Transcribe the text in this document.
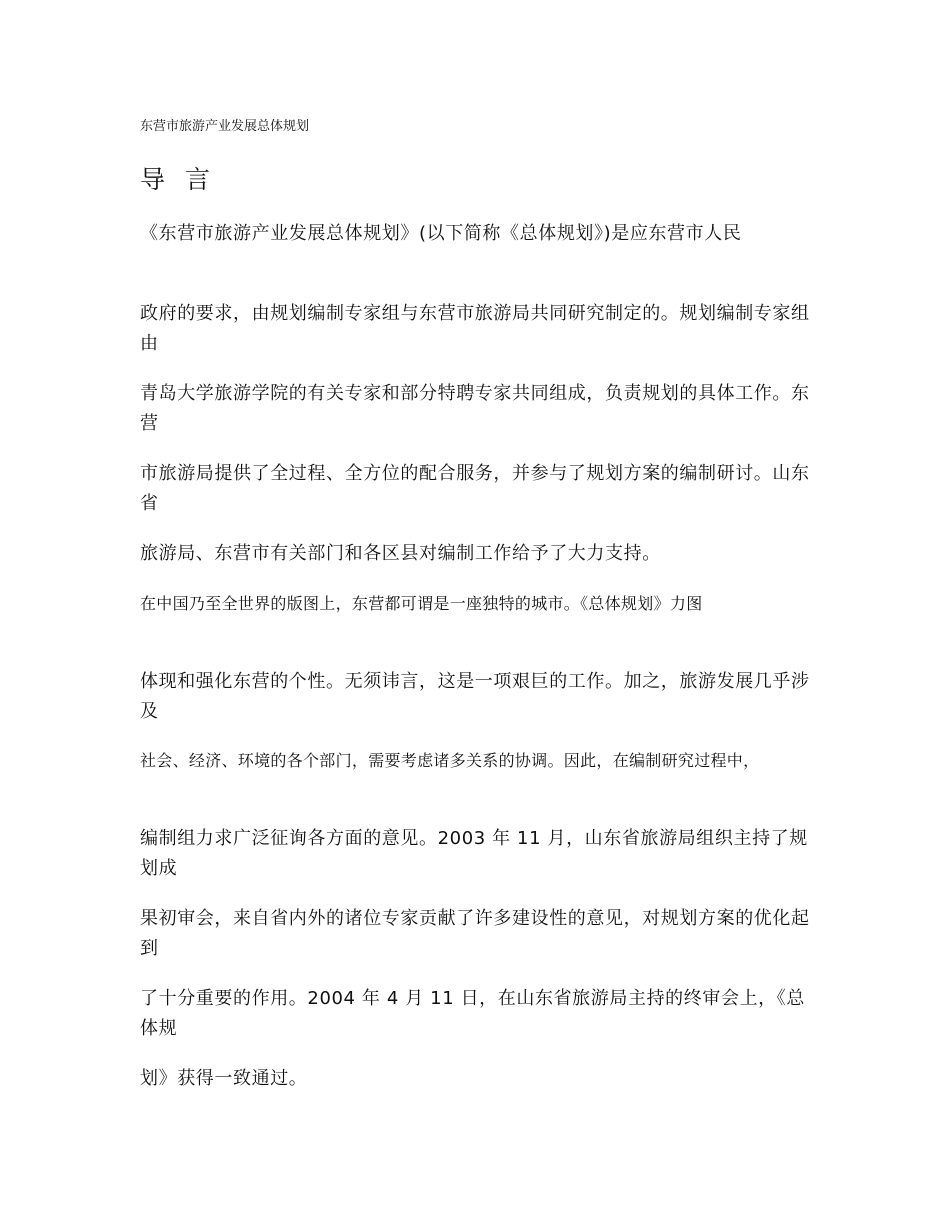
东营市旅游产业发展总体规划
导 言

《东营市旅游产业发展总体规划》(以下简称《总体规划》)是应东营市人民

政府的要求，由规划编制专家组与东营市旅游局共同研究制定的。规划编制专家组由

青岛大学旅游学院的有关专家和部分特聘专家共同组成，负责规划的具体工作。东营

市旅游局提供了全过程、全方位的配合服务，并参与了规划方案的编制研讨。山东省

旅游局、东营市有关部门和各区县对编制工作给予了大力支持。

在中国乃至全世界的版图上，东营都可谓是一座独特的城市。《总体规划》力图

体现和强化东营的个性。无须讳言，这是一项艰巨的工作。加之，旅游发展几乎涉及

社会、经济、环境的各个部门，需要考虑诸多关系的协调。因此，在编制研究过程中，

编制组力求广泛征询各方面的意见。2003 年 11 月，山东省旅游局组织主持了规划成

果初审会，来自省内外的诸位专家贡献了许多建设性的意见，对规划方案的优化起到

了十分重要的作用。2004 年 4 月 11 日，在山东省旅游局主持的终审会上，《总体规

划》获得一致通过。
